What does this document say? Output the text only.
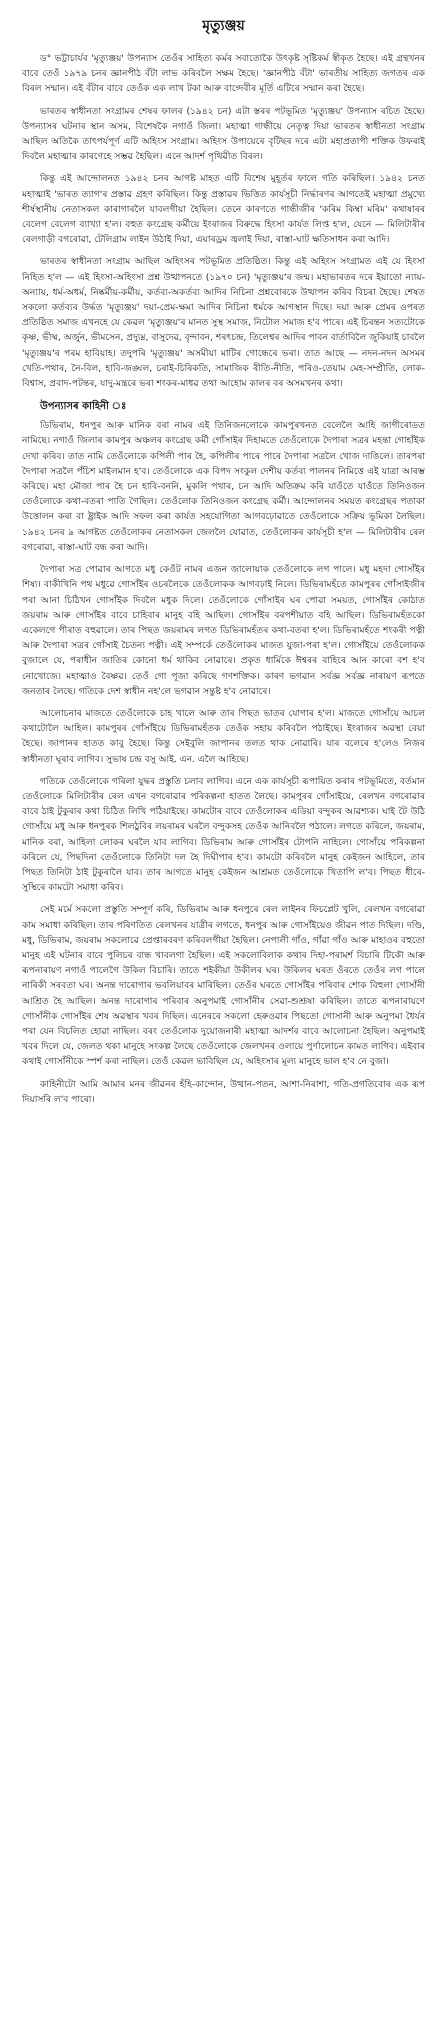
মৃত্যুঞ্জয়

ড° ভট্টাচাৰ্যৰ 'মৃত্যুঞ্জয়' উপন্যাস তেওঁৰ সাহিত্য কৰ্মৰ সবাতোকৈ উৎকৃষ্ট সৃষ্টিকৰ্ম স্বীকৃত হৈছে। এই গ্ৰন্থখনৰ বাবে তেওঁ ১৯৭৯ চনৰ জ্ঞানপীঠ বঁটা লাভ কৰিবলৈ সক্ষম হৈছে। 'জ্ঞানপীঠ বঁটা' ভাৰতীয় সাহিত্য জগতৰ এক বিৰল সন্মান। এই বঁটাৰ বাবে তেওঁক এক লাখ টকা আৰু বাগ্দেবীৰ মূৰ্তি এটিৰে সন্মান কৰা হৈছে।

ভাৰতৰ স্বাধীনতা সংগ্ৰামৰ শেষৰ ফালৰ (১৯৪২ চন) এটা স্তৰৰ পটভূমিত 'মৃত্যুঞ্জয়' উপন্যাস ৰচিত হৈছে। উপন্যাসৰ ঘটনাৰ স্থান অসম, বিশেষকৈ নগাওঁ জিলা। মহাত্মা গান্ধীয়ে নেতৃত্ব দিয়া ভাৰতৰ স্বাধীনতা সংগ্ৰাম আছিল অতিকৈ তাৎপৰ্যপূৰ্ণ এটি অহিংস সংগ্ৰাম। অহিংস উপায়েৰে বৃটিছৰ দৰে এটা মহাপ্ৰতাপী শক্তিক উফৰাই দিবলৈ মহাত্মাৰ কাৰণেহে সম্ভৱ হৈছিল। এনে আদৰ্শ পৃথিৱীত বিৰল।

কিন্তু এই আন্দোলনত ১৯৪২ চনৰ আগষ্ট মাহত এটি বিশেষ মুহূৰ্তৰ ফালে গতি কৰিছিল। ১৯৪২ চনত মহাত্মাই 'ভাৰত ত্যাগ'ৰ প্ৰস্তাৱ গ্ৰহণ কৰিছিল। কিন্তু প্ৰস্তাৱৰ ভিত্তিত কাৰ্যসূচী নিৰ্দ্ধাৰণৰ আগতেই মহাত্মা প্ৰমুখ্যে শীৰ্ষস্থানীয় নেতাসকল কাৰাগাৰলৈ যাবলগীয়া হৈছিল। তেনে কাৰণতে গান্ধীজীৰ 'কৰিম কিম্বা মৰিম' কথাষাৰৰ বেলেগ বেলেগ ব্যাখ্যা হ'ল। বহুত কংগ্ৰেছ কৰ্মীয়ে ইংৰাজৰ বিৰুদ্ধে হিংসা কাৰ্যত লিপ্ত হ'ল, যেনে — মিলিটাৰীৰ ৰেলগাড়ী বগৰোৱা, টেলিগ্ৰাম লাইন উঠাই দিয়া, এয়াৰড্ৰম জ্বলাই দিয়া, ৰাস্তা-ঘাট ক্ষতিসাধন কৰা আদি।

ভাৰতৰ স্বাধীনতা সংগ্ৰাম আছিল অহিংসৰ পটভূমিত প্ৰতিষ্ঠিত। কিন্তু এই অহিংস সংগ্ৰামত এই যে হিংসা নিহিত হ'ল — এই হিংসা-অহিংসা প্ৰশ্ন উত্থাপনতে (১৯৭০ চন) 'মৃত্যুঞ্জয়'ৰ জন্ম। মহাভাৰতৰ দৰে ইয়াতো ন্যায়-অন্যায়, ধৰ্ম-অধৰ্ম, নিষ্কৰ্মীয়-কৰ্মীয়, কৰ্তব্য-অকৰ্তব্য আদিৰ নিচিনা প্ৰশ্নবোৰকে উত্থাপন কৰিব বিচৰা হৈছে। শেষত সকলো কৰ্তব্যৰ উৰ্দ্ধত 'মৃত্যুঞ্জয়' দয়া-প্ৰেম-ক্ষমা আদিৰ নিচিনা ধৰ্মকে আগস্থান দিছে। দয়া আৰু প্ৰেমৰ ওপৰত প্ৰতিষ্ঠিত সমাজ এখনহে যে কেৱল 'মৃত্যুঞ্জয়'ৰ মানত সুস্থ সমাজ, নিটোল সমাজ হ'ব পাৰে। এই চিৰন্তন সত্যটোকে কৃষ্ণ, ভীষ্ম, অৰ্জুন, ভীমসেন, প্ৰদ্যুম্ন, বাসুদেৱ, বৃন্দাবন, শৰৎচন্দ্ৰ, তিলেশ্বৰ আদিৰ পাবন বাৰ্তাবিলৈ জুকিয়াই চাবলৈ 'মৃত্যুঞ্জয়'ৰ পৰম হাবিয়াহ। তদুপৰি 'মৃত্যুঞ্জয়' অসমীয়া মাটিৰ গোন্ধেৰে ভৰা। তাত আছে — নদন-নদন অসমৰ খেতি-পথাৰ, নৈ-বিল, হাবি-জঙ্ঘল, চৰাই-চিৰিকতি, সামাজিক ৰীতি-নীতি, পৰিও-তেয়াম মেহ-সম্প্ৰীতি, লোক-বিশ্বাস, প্ৰবাদ-পটন্তৰ, যাদু-মন্ত্ৰৰে ভৰা শংকৰ-মাধৱ তথা আহোম কালৰ বৰ অসমখনৰ কথা।

উপন্যাসৰ কাহিনী ঃ

ডিভিৰাম, ধনপুৰ আৰু মানিক বৰা নামৰ এই তিনিজনলোকে কামপুৰখনত বেলেলৈ আহি জাগীৰোডত নামিছে। নগাওঁ জিলাৰ কামপুৰ অঞ্চলৰ কংগ্ৰেছ কৰ্মী গোঁসাইৰ দিহামতে তেওঁলোকে দৈপাৰা সত্ৰৰ মহন্তা গোহাঁইক দেখা কৰিব। তাত নামি তেওঁলোকে কপিলী পাৰ হৈ, কপিলীৰ পাৰে পাৰে দৈপাৰা সত্ৰলৈ খোজ দাঙিলে। তাৰপৰা দৈপাৰা সত্ৰলৈ পঁচিশ মাইলমান হ'ব। তেওঁলোকে এক বিপদ সংকুল দেশীয় কৰ্তব্য পালনৰ নিমিত্তে এই যাত্ৰা আৰম্ভ কৰিছে। মহা মৌজা পাৰ হৈ চন হাবি-বননি, মুকলি পথাৰ, চন আদি অতিক্ৰম কৰি যাওঁতে যাওঁতে তিনিওজন তেওঁলোকে কথা-বতৰা পাতি গৈছিল। তেওঁলোক তিনিওজন কংগ্ৰেছ কৰ্মী। আন্দোলনৰ সময়ত কংগ্ৰেছৰ পতাকা উত্তোলন কৰা বা ষ্ট্ৰাইক আদি সফল কৰা কাৰ্যত সহযোগিতা আগবঢ়োৱাতে তেওঁলোকে সক্ৰিয় ভূমিকা লৈছিল। ১৯৪২ চনৰ ৯ আগষ্টত তেওঁলোকৰ নেতাসকল জেললৈ যোৱাত, তেওঁলোকৰ কাৰ্যসূচী হ'ল — মিলিটাৰীৰ ৰেল বগৰোৱা, ৰাস্তা-ঘাট বন্ধ কৰা আদি।

দৈপাৰা সত্ৰ পোৱাৰ আগতে মধু কেওঁট নামৰ এজন জালোয়াক তেওঁলোকে লগ পালে। মধু মহদা গোসাঁইৰ শিষ্য। বাকীখিনি পথ মধুৱে গোসাঁইৰ ওচৰলৈকে তেওঁলোকক আগবঢ়াই নিলে। ডিভিৰামহঁতে কামপুৰৰ গোঁসাইজীৰ পৰা আনা চিঠিখন গোসাঁইক দিবলৈ মধুক দিলে। তেওঁলোকে গোঁসাইৰ ঘৰ পোৱা সময়ত, গোসাঁইৰ কোঠাত জয়ৰাম আৰু গোসাঁইৰ বাবে চাহিবাৰ মানুহ বহি আছিল। গোসাঁইৰ বৰপশীয়াত বহি আছিল। ডিভিৰামহঁতকো একেলগে পীৰাত বহুৱালে। তাৰ পিছত জয়ৰামৰ লগত ডিভিৰামহঁতৰ কথা-বতৰা হ'ল। ডিভিৰামহঁতে শংকৰী পত্নী আৰু দৈপাৰা সত্ৰৰ গোঁসাই চৈতন্য পত্নী। এই সম্পৰ্কে তেওঁলোকৰ মাজত যুজা-পৰা হ'ল। গোসাঁইয়ে তেওঁলোকক বুজালে যে, পৰাধীন জাতিৰ কোনো ধৰ্ম থাকিব নোৱাৰে। প্ৰকৃত ধাৰ্মিকে ঈশ্বৰৰ বাহিৰে আন কাৰো বশ হ'ব নোখোজে। মহাত্মাও বৈষ্ণৱ। তেওঁ গো পূজা কৰিছে গণশক্তিক। কাৰণ ভগৱান সৰ্বজ্ঞ সৰ্বজ্ঞ নাৰায়ণ ৰূপতে জনতাৰ লৈছে। গতিকে দেশ স্বাধীন নহ'লে ভগৱান সন্তুষ্ট হ'ব নোৱাৰে।

আলোচনাৰ মাজতে তেওঁলোকে চাহ খালে আৰু তাৰ পিছত ভাতৰ যোগাৰ হ'ল। মাজতে গোসাঁয়ে আচল কথাটোলৈ আহিল। কামপুৰৰ গোঁসাঁইয়ে ডিভিৰামহঁতক তেওঁক সহায় কৰিবলৈ পঠাইছে। ইংৰাজৰ অৱস্থা বেয়া হৈছে। জাপানৰ হাতত কাবু হৈছে। কিন্তু সেইবুলি জাপানৰ তলত থাক নোৱাৰি। যাৰ বলেৰে হ'লেও নিজৰ স্বাধীনতা ঘূৰাব লাগিব। সুভাষ চন্দ্ৰ বসু আই. এন. এলৈ আহিছে।

গতিকে তেওঁলোকে গৰিলা যুদ্ধৰ প্ৰস্তুতি চলাব লাগিব। এনে এক কাৰ্যসূচী ৰূপায়িত কৰাৰ পটভূমিতে, বৰ্তমান তেওঁলোকে মিলিটাৰীৰ ৰেল এখন বগৰোৱাৰ পৰিকল্পনা হাতত লৈছে। কামপুৰৰ গোঁসাইয়ে, ৰেলখন বগৰোৱাৰ বাবে ঠাই টুকুৰাৰ কথা চিঠিত লিখি পঠিয়াইছে। কামটোৰ বাবে তেওঁলোকৰ এডিয়া বন্দুকৰ আৱশ্যক। ঘাই টৈ উঠি গোসাঁয়ে মধু আৰু ধনপুৰক শিলঠুবিৰ লয়ৰামৰ ঘৰলৈ বন্দুকসহ তেওঁক আনিবলৈ পঠালে। লগতে কৰিলে, জয়ৰাম, মানিক বৰা, আহিলা লোকৰ ঘৰলৈ যাব লাগিব। ডিভিৰাম আৰু গোসাঁইৰ টোপনি নাহিলে। গোসাঁয়ে পৰিকল্পনা কৰিলে যে, পিছদিনা তেওঁলোকে তিনিটা দল হৈ দিঘীপাৰ হ'ব। কামটো কৰিবলৈ মানুহ কেইজন আহিলে, তাৰ পিছত তিনিটা ঠাই টুকুৰালৈ যাব। তাৰ আগতে মানুহ কেইজন আশ্ৰমত তেওঁলোকে খিতাপি ল'ব। পিছত ধীৰে-সুস্থিৰে কামটো সমাধা কৰিব।

সেই মৰ্মে সকলো প্ৰস্তুতি সম্পূৰ্ণ কৰি, ডিভিৰাম আৰু ধনপুৰে ৰেল লাইনৰ ফিচপ্লেট খুলি, ৰেলখন বগৰোৱা কাম সমাধা কৰিছিল। তাৰ পৰিণতিত ৰেলখনৰ যাত্ৰীৰ লগতে, ধনপুৰ আৰু গোসাঁইয়েও জীৱন পাত দিছিল। দণ্ডি, মধু, ডিভিৰাম, জয়ৰাম সকলোৱে প্ৰেপ্তাৰবৰণ কৰিবলগীয়া হৈছিল। নেপালী গাঁও, গাঁৱা গাঁও আৰু মাহাওৰ বহুতো মানুহ এই ঘটনাৰ বাবে পুলিচৰ বান্ধ খাবলগা হৈছিল। এই সকলোবিলাক কথাৰ দিহা-পৰামৰ্শ বিচাৰি টিকৌ আৰু ৰূপনাৰায়ণ নগাওঁ পালেগৈ উকিল বিচাৰি। তাতে শইকীয়া উকীলৰ ঘৰ। উকিলৰ ঘৰত ওঁৰতে তেওঁৰ লগ পালে নাৰিকী সৰবতা ঘৰ। অনন্ত দাৰোগাৰ ভবলিয়াবৰ মাৰিছিল। তেওঁৰ ঘৰতে গোসাঁইৰ পৰিবাৰ শোক বিহুলা গোসাঁনী আশ্ৰিত হৈ আছিল। অনন্ত দাৰোগাৰ পৰিবাৰ অনুপমাই গোসাঁনীৰ সেৱা-শুশ্ৰূষা কৰিছিল। তাতে ৰূপনাৰায়ণে গোসাঁনীক গোসাঁইৰ শেষ অৱস্থাৰ খবৰ দিছিল। এনেৰৰে সকলো হেৰুওৱাৰ পিছতো গোসানী আৰু অনুপমা ধৈৰ্যৰ পৰা যেন বিচলিত হোৱা নাছিল। বৰং তেওঁলোক দুয়োজনাৰী মহাত্মা আদৰ্শৰ বাবে আলোচনা হৈছিল। অনুপমাই খবৰ দিলে যে, জেলত থকা মানুহে সংকল্প লৈছে তেওঁলোকে জেলখনৰ ওলায়ে পুৰ্ণালোচন কামত লাগিব। এইবাৰ কথাই গোসাঁনীকে স্পৰ্শ কৰা নাছিল। তেওঁ কেৱল ভাবিছিল যে, অহিংসাৰ মূল্য মানুহে ভাল হ'ব নে বুজা।

কাহিনীটো আমি আমাৰ মনৰ জীৱনৰ হঁহি-কান্দোন, উত্থান-পতন, আশা-নিৰাশা, গতি-প্ৰগতিবোৰ এক ৰূপ দিয়াসৰি ল'ব পাৰো।
